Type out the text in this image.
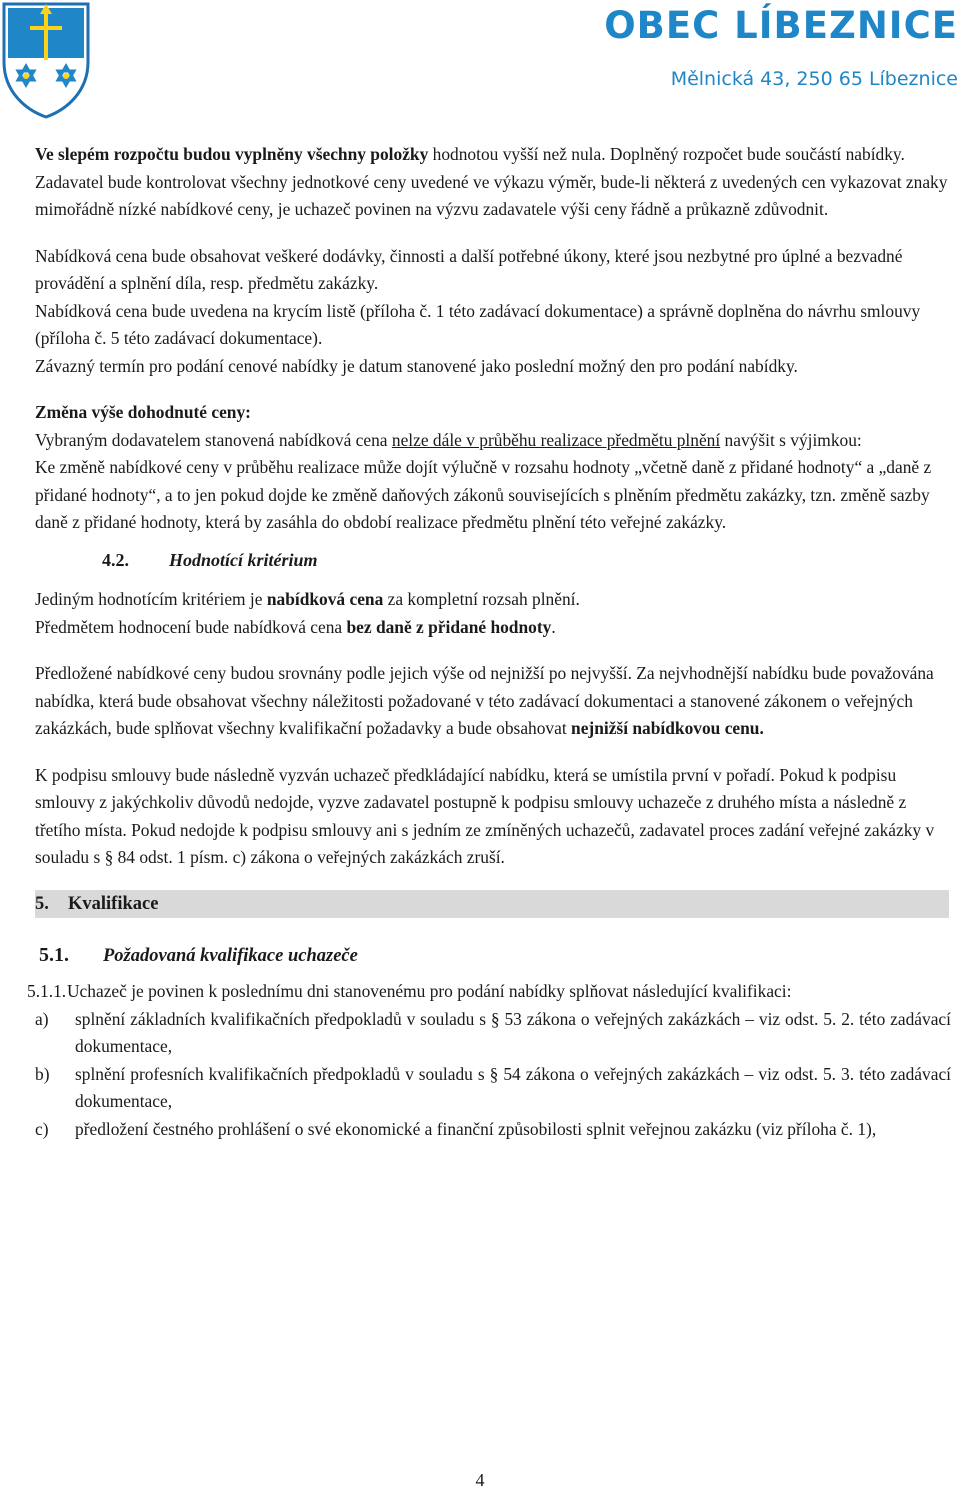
OBEC LÍBEZNICE
Mělnická 43, 250 65 Líbeznice

Ve slepém rozpočtu budou vyplněny všechny položky hodnotou vyšší než nula. Doplněný rozpočet bude součástí nabídky. Zadavatel bude kontrolovat všechny jednotkové ceny uvedené ve výkazu výměr, bude-li některá z uvedených cen vykazovat znaky mimořádně nízké nabídkové ceny, je uchazeč povinen na výzvu zadavatele výši ceny řádně a průkazně zdůvodnit.

Nabídková cena bude obsahovat veškeré dodávky, činnosti a další potřebné úkony, které jsou nezbytné pro úplné a bezvadné provádění a splnění díla, resp. předmětu zakázky.

Nabídková cena bude uvedena na krycím listě (příloha č. 1 této zadávací dokumentace) a správně doplněna do návrhu smlouvy (příloha č. 5 této zadávací dokumentace).

Závazný termín pro podání cenové nabídky je datum stanovené jako poslední možný den pro podání nabídky.

Změna výše dohodnuté ceny:

Vybraným dodavatelem stanovená nabídková cena nelze dále v průběhu realizace předmětu plnění navýšit s výjimkou:

Ke změně nabídkové ceny v průběhu realizace může dojít výlučně v rozsahu hodnoty „včetně daně z přidané hodnoty“ a „daně z přidané hodnoty“, a to jen pokud dojde ke změně daňových zákonů souvisejících s plněním předmětu zakázky, tzn. změně sazby daně z přidané hodnoty, která by zasáhla do období realizace předmětu plnění této veřejné zakázky.

4.2. Hodnotící kritérium

Jediným hodnotícím kritériem je nabídková cena za kompletní rozsah plnění.

Předmětem hodnocení bude nabídková cena bez daně z přidané hodnoty.

Předložené nabídkové ceny budou srovnány podle jejich výše od nejnižší po nejvyšší. Za nejvhodnější nabídku bude považována nabídka, která bude obsahovat všechny náležitosti požadované v této zadávací dokumentaci a stanovené zákonem o veřejných zakázkách, bude splňovat všechny kvalifikační požadavky a bude obsahovat nejnižší nabídkovou cenu.

K podpisu smlouvy bude následně vyzván uchazeč předkládající nabídku, která se umístila první v pořadí. Pokud k podpisu smlouvy z jakýchkoliv důvodů nedojde, vyzve zadavatel postupně k podpisu smlouvy uchazeče z druhého místa a následně z třetího místa. Pokud nedojde k podpisu smlouvy ani s jedním ze zmíněných uchazečů, zadavatel proces zadání veřejné zakázky v souladu s § 84 odst. 1 písm. c) zákona o veřejných zakázkách zruší.

5. Kvalifikace
5.1. Požadovaná kvalifikace uchazeče
5.1.1. Uchazeč je povinen k poslednímu dni stanovenému pro podání nabídky splňovat následující kvalifikaci:
a) splnění základních kvalifikačních předpokladů v souladu s § 53 zákona o veřejných zakázkách – viz odst. 5. 2. této zadávací dokumentace,
b) splnění profesních kvalifikačních předpokladů v souladu s § 54 zákona o veřejných zakázkách – viz odst. 5. 3. této zadávací dokumentace,
c) předložení čestného prohlášení o své ekonomické a finanční způsobilosti splnit veřejnou zakázku (viz příloha č. 1),
4
